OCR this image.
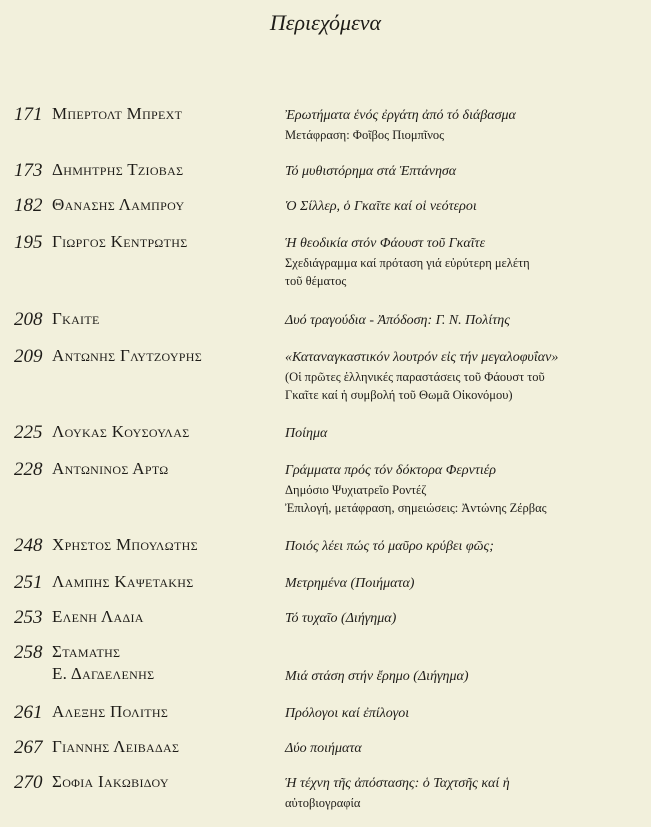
Περιεχόμενα
171 Μπερτολτ Μπρεχτ	Ἐρωτήματα ἑνός ἐργάτη ἀπό τό διάβασμα
Μετάφραση: Φοῖβος Πιομπῖνος
173 Δημητρης Τζιοβας	Τό μυθιστόρημα στά Ἑπτάνησα
182 Θανασης Λαμπρου	Ὁ Σίλλερ, ὁ Γκαῖτε καί οἱ νεότεροι
195 Γιωργος Κεντρωτης	Ἡ θεοδικία στόν Φάουστ τοῦ Γκαῖτε
Σχεδιάγραμμα καί πρόταση γιά εὐρύτερη μελέτη
τοῦ θέματος
208 Γκαιτε	Δυό τραγούδια - Ἀπόδοση: Γ. Ν. Πολίτης
209 Αντωνης Γλυτζουρης	«Καταναγκαστικόν λουτρόν εἰς τήν μεγαλοφυΐαν»
(Οἱ πρῶτες ἑλληνικές παραστάσεις τοῦ Φάουστ τοῦ
Γκαῖτε καί ἡ συμβολή τοῦ Θωμᾶ Οἰκονόμου)
225 Λουκας Κουσουλας	Ποίημα
228 Αντωνινος Αρτω	Γράμματα πρός τόν δόκτορα Φερντιέρ
Δημόσιο Ψυχιατρεῖο Ροντέζ
Ἐπιλογή, μετάφραση, σημειώσεις: Ἀντώνης Ζέρβας
248 Χρηστος Μπουλωτης	Ποιός λέει πώς τό μαῦρο κρύβει φῶς;
251 Λαμπης Καψετακης	Μετρημένα (Ποιήματα)
253 Ελενη Λαδια	Τό τυχαῖο (Διήγημα)
258 Σταματης
Ε. Δαγδελενης	Μιά στάση στήν ἔρημο (Διήγημα)
261 Αλεξης Πολιτης	Πρόλογοι καί ἐπίλογοι
267 Γιαννης Λειβαδας	Δύο ποιήματα
270 Σοφια Ιακωβιδου	Ἡ τέχνη τῆς ἀπόστασης: ὁ Ταχτσῆς καί ἡ
αὐτοβιογραφία
